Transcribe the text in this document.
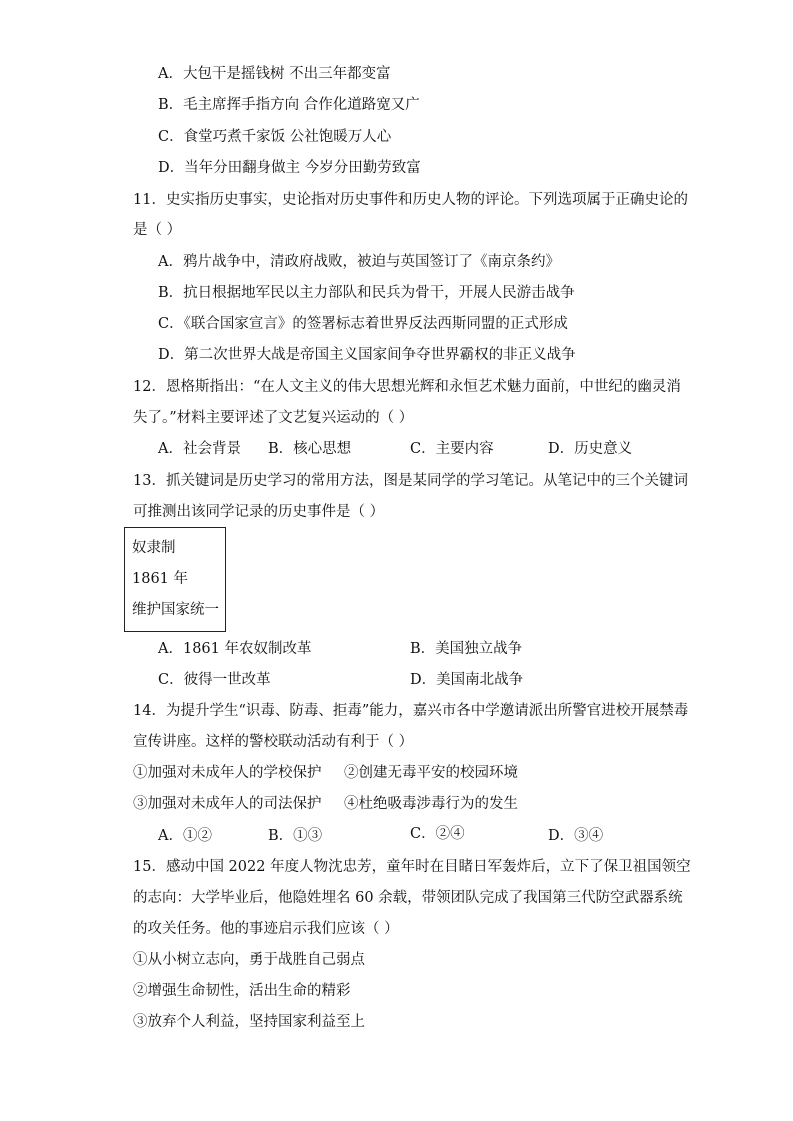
A．大包干是摇钱树 不出三年都变富
B．毛主席挥手指方向 合作化道路宽又广
C．食堂巧煮千家饭 公社饱暖万人心
D．当年分田翻身做主 今岁分田勤劳致富
11．史实指历史事实，史论指对历史事件和历史人物的评论。下列选项属于正确史论的
是（ ）
A．鸦片战争中，清政府战败，被迫与英国签订了《南京条约》
B．抗日根据地军民以主力部队和民兵为骨干，开展人民游击战争
C．《联合国家宣言》的签署标志着世界反法西斯同盟的正式形成
D．第二次世界大战是帝国主义国家间争夺世界霸权的非正义战争
12．恩格斯指出：“在人文主义的伟大思想光辉和永恒艺术魅力面前，中世纪的幽灵消
失了。”材料主要评述了文艺复兴运动的（ ）
A．社会背景 B．核心思想	C．主要内容	D．历史意义
13．抓关键词是历史学习的常用方法，图是某同学的学习笔记。从笔记中的三个关键词
可推测出该同学记录的历史事件是（ ）
奴隶制
1861 年
维护国家统一
A．1861 年农奴制改革	B．美国独立战争
C．彼得一世改革	D．美国南北战争
14．为提升学生“识毒、防毒、拒毒”能力，嘉兴市各中学邀请派出所警官进校开展禁毒
宣传讲座。这样的警校联动活动有利于（ ）
①加强对未成年人的学校保护 ②创建无毒平安的校园环境
③加强对未成年人的司法保护 ④杜绝吸毒涉毒行为的发生
A．①②	B．①③	C．②④	D．③④
15．感动中国 2022 年度人物沈忠芳，童年时在目睹日军轰炸后，立下了保卫祖国领空
的志向：大学毕业后，他隐姓埋名 60 余载，带领团队完成了我国第三代防空武器系统
的攻关任务。他的事迹启示我们应该（ ）
①从小树立志向，勇于战胜自己弱点
②增强生命韧性，活出生命的精彩
③放弃个人利益，坚持国家利益至上
